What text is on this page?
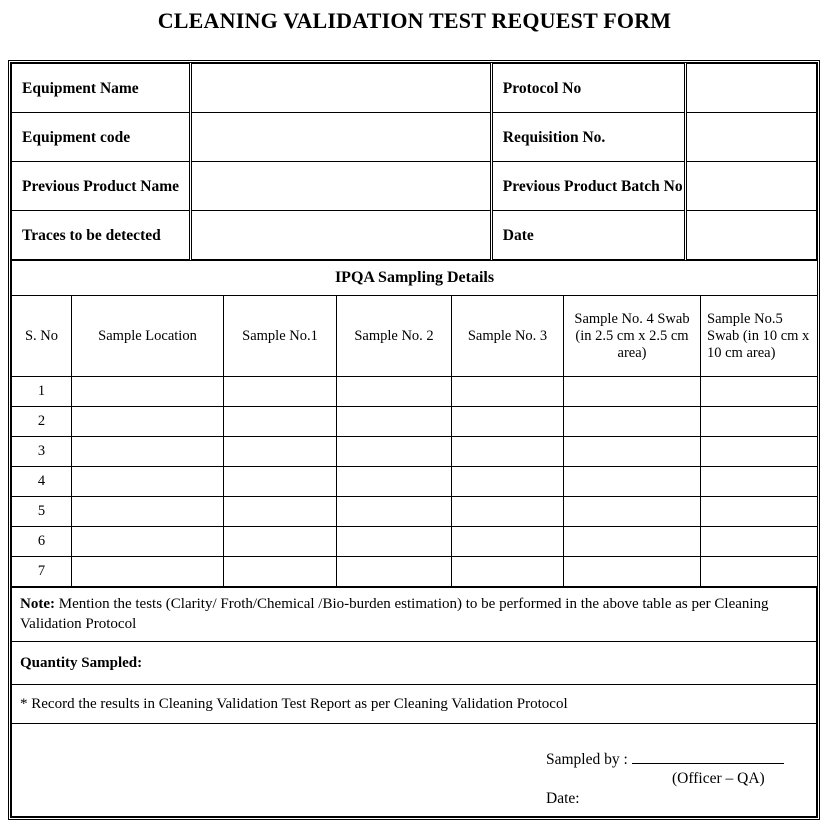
CLEANING VALIDATION TEST REQUEST FORM
Equipment Name		Protocol No	
Equipment code		Requisition No.	
Previous Product Name		Previous Product Batch No	
Traces to be detected		Date	
IPQA Sampling Details						
S. No	Sample Location	Sample No.1	Sample No. 2	Sample No. 3	Sample No. 4 Swab (in 2.5 cm x 2.5 cm area)	Sample No.5 Swab (in 10 cm x 10 cm area)
1						
2						
3						
4						
5						
6						
7						
Note: Mention the tests (Clarity/ Froth/Chemical /Bio-burden estimation) to be performed in the above table as per Cleaning Validation Protocol
Quantity Sampled:
* Record the results in Cleaning Validation Test Report as per Cleaning Validation Protocol

Sampled by :
(Officer – QA)
Date:
